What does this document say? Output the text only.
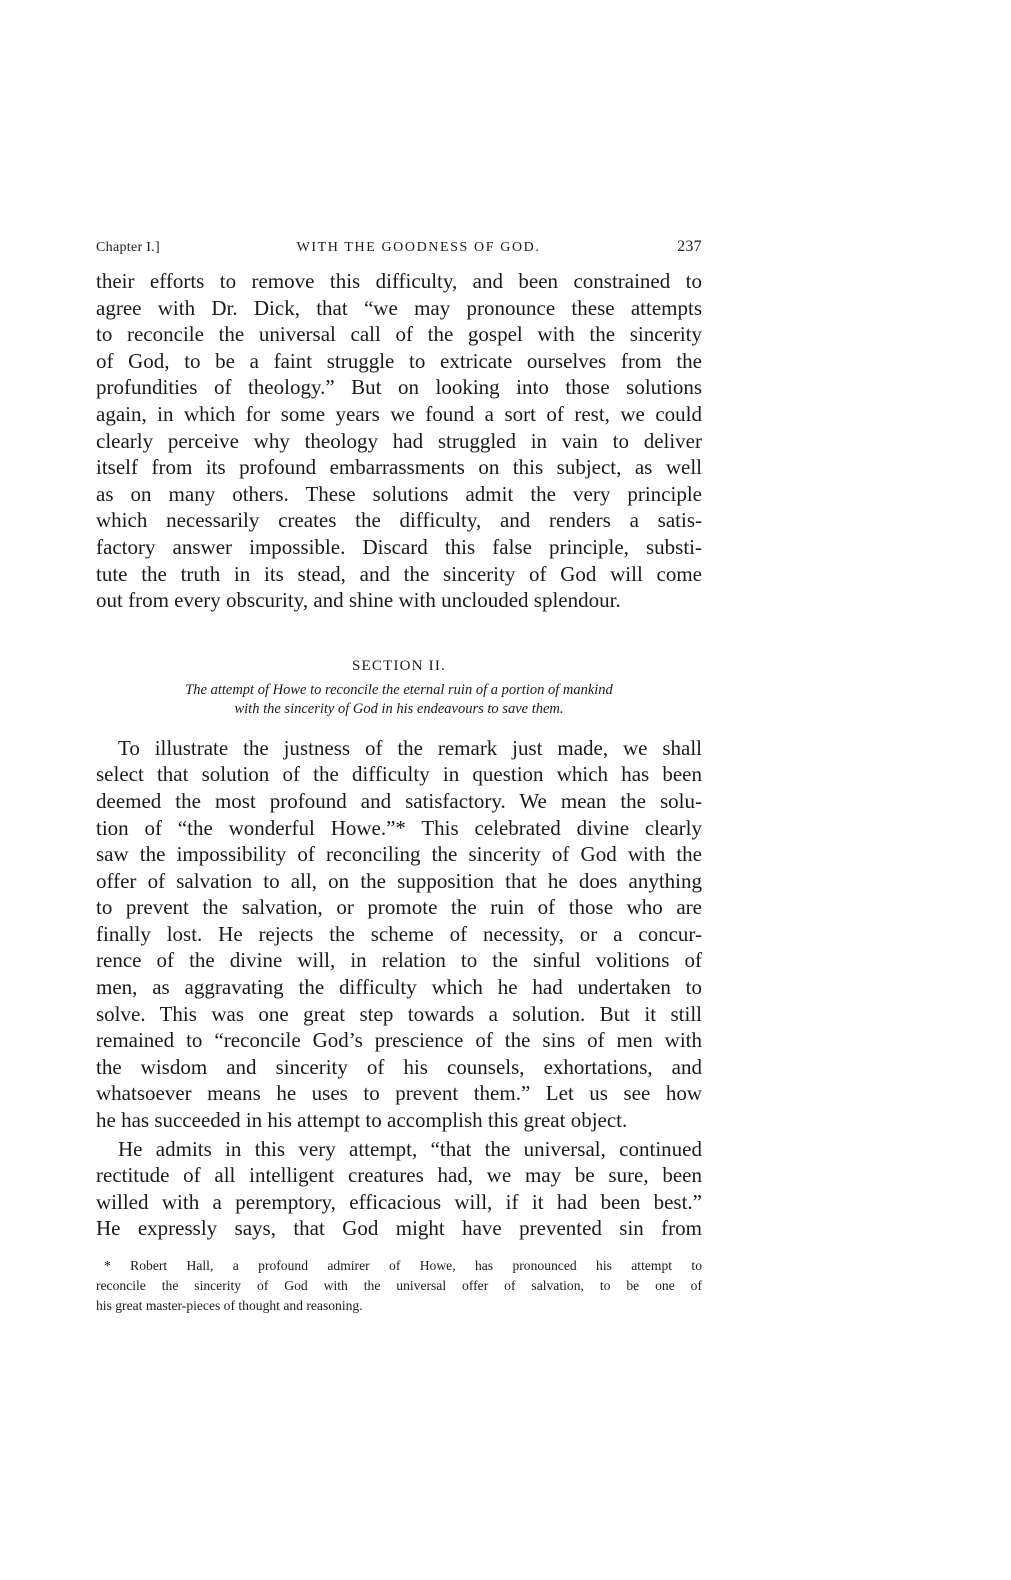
Chapter I.]	WITH THE GOODNESS OF GOD.	237

their efforts to remove this difficulty, and been constrained to
agree with Dr. Dick, that “we may pronounce these attempts
to reconcile the universal call of the gospel with the sincerity
of God, to be a faint struggle to extricate ourselves from the
profundities of theology.” But on looking into those solutions
again, in which for some years we found a sort of rest, we could
clearly perceive why theology had struggled in vain to deliver
itself from its profound embarrassments on this subject, as well
as on many others. These solutions admit the very principle
which necessarily creates the difficulty, and renders a satis-
factory answer impossible. Discard this false principle, substi-
tute the truth in its stead, and the sincerity of God will come
out from every obscurity, and shine with unclouded splendour.

SECTION II.
The attempt of Howe to reconcile the eternal ruin of a portion of mankind
with the sincerity of God in his endeavours to save them.

To illustrate the justness of the remark just made, we shall
select that solution of the difficulty in question which has been
deemed the most profound and satisfactory. We mean the solu-
tion of “the wonderful Howe.”* This celebrated divine clearly
saw the impossibility of reconciling the sincerity of God with the
offer of salvation to all, on the supposition that he does anything
to prevent the salvation, or promote the ruin of those who are
finally lost. He rejects the scheme of necessity, or a concur-
rence of the divine will, in relation to the sinful volitions of
men, as aggravating the difficulty which he had undertaken to
solve. This was one great step towards a solution. But it still
remained to “reconcile God’s prescience of the sins of men with
the wisdom and sincerity of his counsels, exhortations, and
whatsoever means he uses to prevent them.” Let us see how
he has succeeded in his attempt to accomplish this great object.

He admits in this very attempt, “that the universal, continued
rectitude of all intelligent creatures had, we may be sure, been
willed with a peremptory, efficacious will, if it had been best.”
He expressly says, that God might have prevented sin from

* Robert Hall, a profound admirer of Howe, has pronounced his attempt to
reconcile the sincerity of God with the universal offer of salvation, to be one of
his great master-pieces of thought and reasoning.
